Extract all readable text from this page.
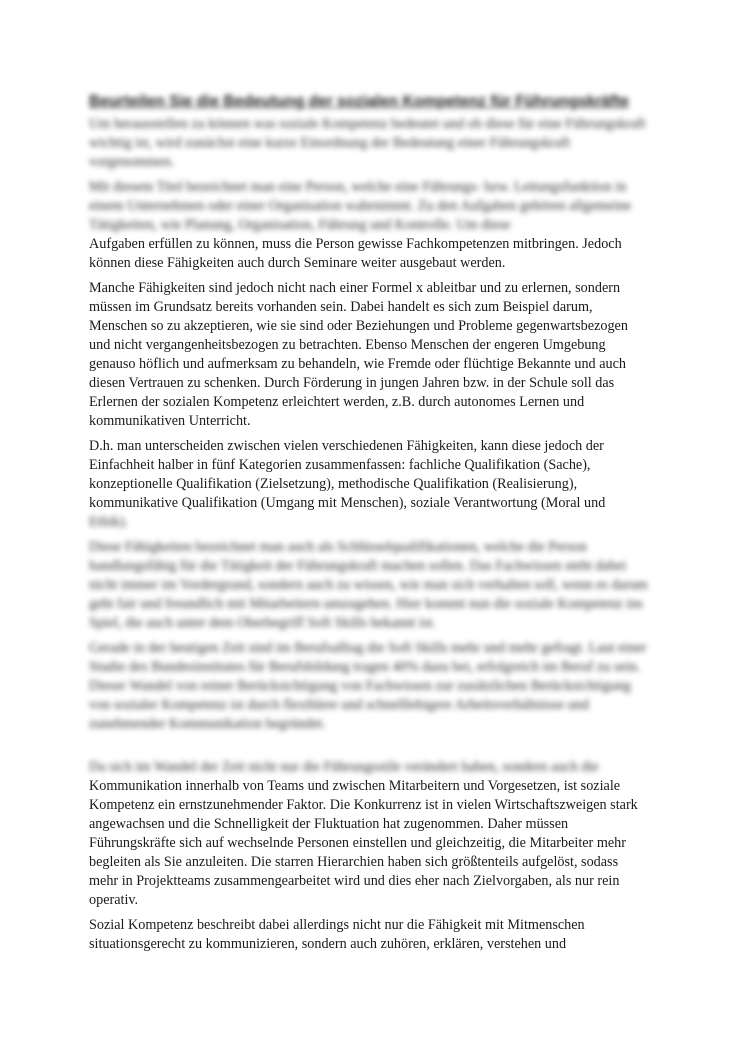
Beurteilen Sie die Bedeutung der sozialen Kompetenz für Führungskräfte

Um herausstellen zu können was soziale Kompetenz bedeutet und ob diese für eine Führungskraft wichtig ist, wird zunächst eine kurze Einordnung der Bedeutung einer Führungskraft vorgenommen.

Mit diesem Titel bezeichnet man eine Person, welche eine Führungs- bzw. Leitungsfunktion in einem Unternehmen oder einer Organisation wahrnimmt. Zu den Aufgaben gehören allgemeine Tätigkeiten, wie Planung, Organisation, Führung und Kontrolle. Um diese
Aufgaben erfüllen zu können, muss die Person gewisse Fachkompetenzen mitbringen. Jedoch
können diese Fähigkeiten auch durch Seminare weiter ausgebaut werden.

Manche Fähigkeiten sind jedoch nicht nach einer Formel x ableitbar und zu erlernen, sondern müssen im Grundsatz bereits vorhanden sein. Dabei handelt es sich zum Beispiel darum, Menschen so zu akzeptieren, wie sie sind oder Beziehungen und Probleme gegenwartsbezogen und nicht vergangenheitsbezogen zu betrachten. Ebenso Menschen der engeren Umgebung genauso höflich und aufmerksam zu behandeln, wie Fremde oder flüchtige Bekannte und auch diesen Vertrauen zu schenken. Durch Förderung in jungen Jahren bzw. in der Schule soll das Erlernen der sozialen Kompetenz erleichtert werden, z.B. durch autonomes Lernen und kommunikativen Unterricht.

D.h. man unterscheiden zwischen vielen verschiedenen Fähigkeiten, kann diese jedoch der Einfachheit halber in fünf Kategorien zusammenfassen: fachliche Qualifikation (Sache), konzeptionelle Qualifikation (Zielsetzung), methodische Qualifikation (Realisierung), kommunikative Qualifikation (Umgang mit Menschen), soziale Verantwortung (Moral und
Ethik).

Diese Fähigkeiten bezeichnet man auch als Schlüsselqualifikationen, welche die Person handlungsfähig für die Tätigkeit der Führungskraft machen sollen. Das Fachwissen steht dabei nicht immer im Vordergrund, sondern auch zu wissen, wie man sich verhalten soll, wenn es darum geht fair und freundlich mit Mitarbeitern umzugehen. Hier kommt nun die soziale Kompetenz ins Spiel, die auch unter dem Oberbegriff Soft Skills bekannt ist.

Gerade in der heutigen Zeit sind im Berufsalltag die Soft Skills mehr und mehr gefragt. Laut einer Studie des Bundesinstitutes für Berufsbildung tragen 40% dazu bei, erfolgreich im Beruf zu sein. Dieser Wandel von reiner Berücksichtigung von Fachwissen zur zusätzlichen Berücksichtigung von sozialer Kompetenz ist durch flexiblere und schnelllebigere Arbeitsverhältnisse und zunehmender Kommunikation begründet.

Da sich im Wandel der Zeit nicht nur die Führungsstile verändert haben, sondern auch die
Kommunikation innerhalb von Teams und zwischen Mitarbeitern und Vorgesetzen, ist soziale Kompetenz ein ernstzunehmender Faktor. Die Konkurrenz ist in vielen Wirtschaftszweigen stark angewachsen und die Schnelligkeit der Fluktuation hat zugenommen. Daher müssen Führungskräfte sich auf wechselnde Personen einstellen und gleichzeitig, die Mitarbeiter mehr begleiten als Sie anzuleiten. Die starren Hierarchien haben sich größtenteils aufgelöst, sodass mehr in Projektteams zusammengearbeitet wird und dies eher nach Zielvorgaben, als nur rein operativ.

Sozial Kompetenz beschreibt dabei allerdings nicht nur die Fähigkeit mit Mitmenschen situationsgerecht zu kommunizieren, sondern auch zuhören, erklären, verstehen und
